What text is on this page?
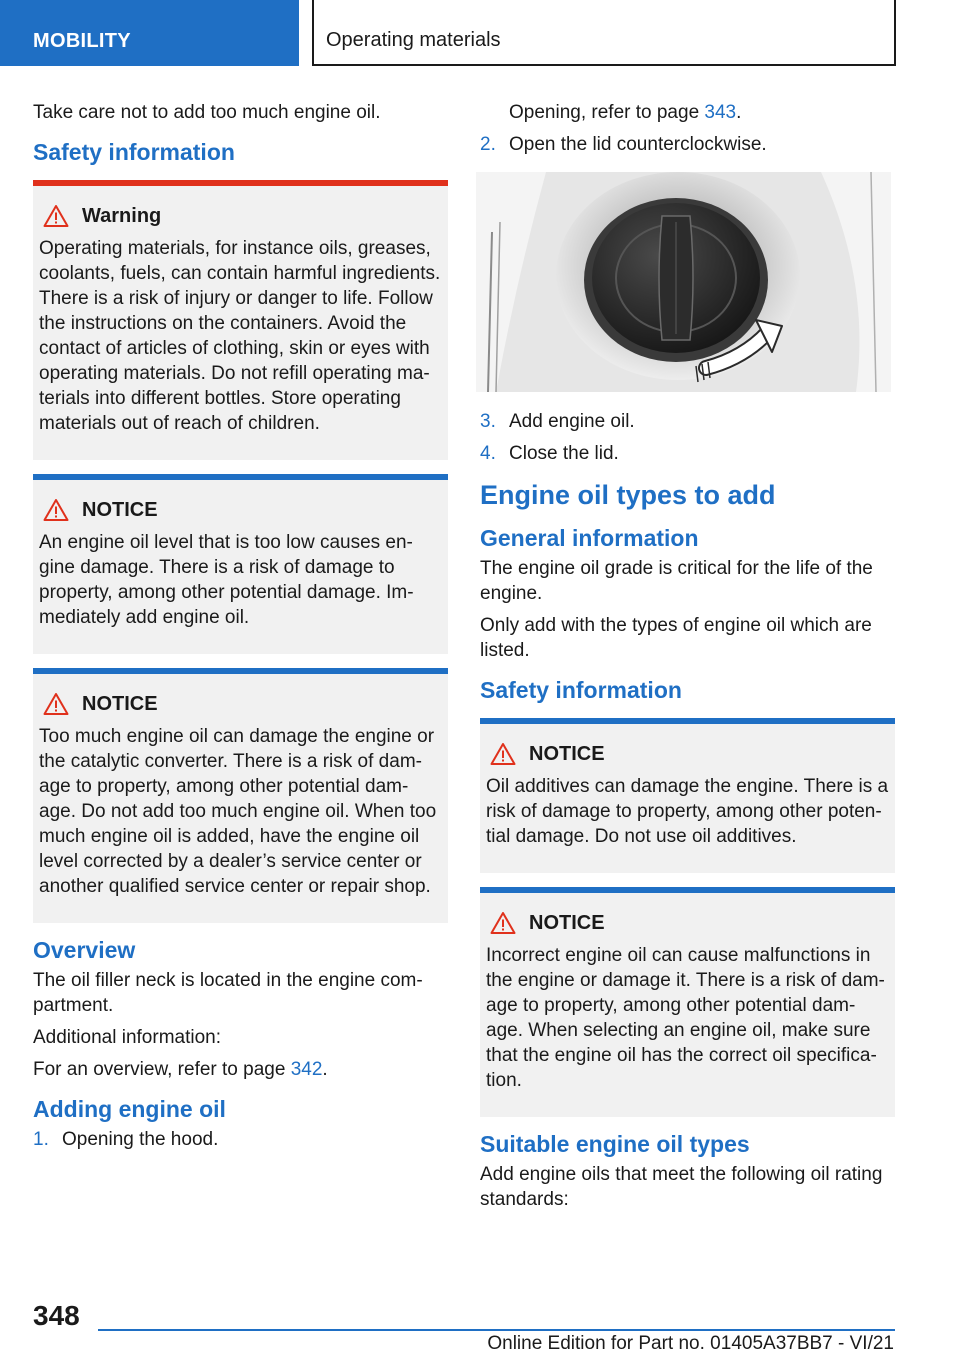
MOBILITY	Operating materials

Take care not to add too much engine oil.

Safety information
Warning
Operating materials, for instance oils, greases, coolants, fuels, can contain harmful ingredients. There is a risk of injury or danger to life. Follow the instructions on the containers. Avoid the contact of articles of clothing, skin or eyes with operating materials. Do not refill operating ma‐terials into different bottles. Store operating materials out of reach of children.
NOTICE
An engine oil level that is too low causes en‐gine damage. There is a risk of damage to property, among other potential damage. Im‐mediately add engine oil.
NOTICE
Too much engine oil can damage the engine or the catalytic converter. There is a risk of dam‐age to property, among other potential dam‐age. Do not add too much engine oil. When too much engine oil is added, have the engine oil level corrected by a dealer’s service center or another qualified service center or repair shop.
Overview

The oil filler neck is located in the engine com‐partment.

Additional information:

For an overview, refer to page 342.

Adding engine oil
1. Opening the hood.

Opening, refer to page 343.

2. Open the lid counterclockwise.
3. Add engine oil.
4. Close the lid.
Engine oil types to add
General information

The engine oil grade is critical for the life of the engine.

Only add with the types of engine oil which are listed.

Safety information
NOTICE
Oil additives can damage the engine. There is a risk of damage to property, among other poten‐tial damage. Do not use oil additives.
NOTICE
Incorrect engine oil can cause malfunctions in the engine or damage it. There is a risk of dam‐age to property, among other potential dam‐age. When selecting an engine oil, make sure that the engine oil has the correct oil specifica‐tion.
Suitable engine oil types

Add engine oils that meet the following oil rating standards:

348
Online Edition for Part no. 01405A37BB7 - VI/21
